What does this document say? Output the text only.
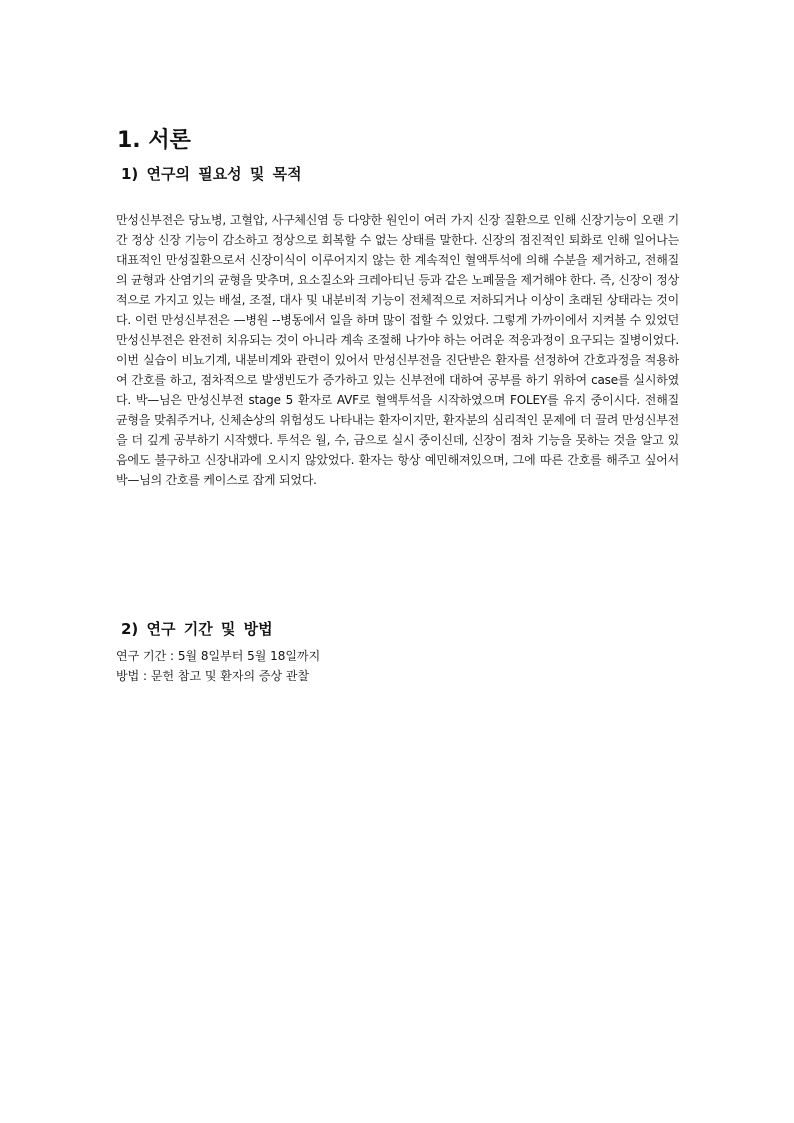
1. 서론
1) 연구의 필요성 및 목적

만성신부전은 당뇨병, 고혈압, 사구체신염 등 다양한 원인이 여러 가지 신장 질환으로 인해 신장기능이 오랜 기간 정상 신장 기능이 감소하고 정상으로 회복할 수 없는 상태를 말한다. 신장의 점진적인 퇴화로 인해 일어나는 대표적인 만성질환으로서 신장이식이 이루어지지 않는 한 계속적인 혈액투석에 의해 수분을 제거하고, 전해질의 균형과 산염기의 균형을 맞추며, 요소질소와 크레아티닌 등과 같은 노폐물을 제거해야 한다. 즉, 신장이 정상적으로 가지고 있는 배설, 조절, 대사 및 내분비적 기능이 전체적으로 저하되거나 이상이 초래된 상태라는 것이다. 이런 만성신부전은 —병원 --병동에서 일을 하며 많이 접할 수 있었다. 그렇게 가까이에서 지켜볼 수 있었던 만성신부전은 완전히 치유되는 것이 아니라 계속 조절해 나가야 하는 어려운 적응과정이 요구되는 질병이었다. 이번 실습이 비뇨기계, 내분비계와 관련이 있어서 만성신부전을 진단받은 환자를 선정하여 간호과정을 적용하여 간호를 하고, 점차적으로 발생빈도가 증가하고 있는 신부전에 대하여 공부를 하기 위하여 case를 실시하였다. 박—님은 만성신부전 stage 5 환자로 AVF로 혈액투석을 시작하였으며 FOLEY를 유지 중이시다. 전해질 균형을 맞춰주거나, 신체손상의 위험성도 나타내는 환자이지만, 환자분의 심리적인 문제에 더 끌려 만성신부전을 더 깊게 공부하기 시작했다. 투석은 월, 수, 금으로 실시 중이신데, 신장이 점차 기능을 못하는 것을 알고 있음에도 불구하고 신장내과에 오시지 않았었다. 환자는 항상 예민해져있으며, 그에 따른 간호를 해주고 싶어서 박—님의 간호를 케이스로 잡게 되었다.

2) 연구 기간 및 방법
연구 기간 : 5월 8일부터 5월 18일까지
방법 : 문헌 참고 및 환자의 증상 관찰
